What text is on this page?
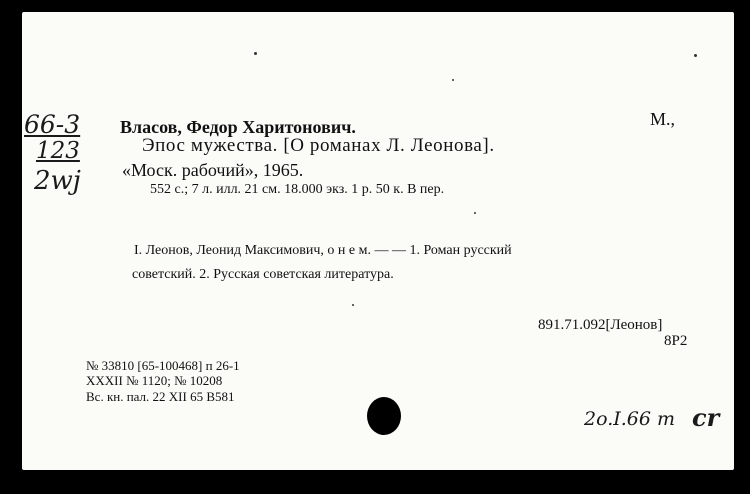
66-3
123
2wj
Власов, Федор Харитонович.	М.,
Эпос мужества. [О романах Л. Леонова].
«Моск. рабочий», 1965.
552 с.; 7 л. илл. 21 см. 18.000 экз. 1 р. 50 к. В пер.
I. Леонов, Леонид Максимович, о н е м. — — 1. Роман русский
советский. 2. Русская советская литература.
891.71.092[Леонов]
8Р2
№ 33810 [65-100468] п 26-1
XXXII № 1120; № 10208
Вс. кн. пал. 22 XII 65 В581
2o.I.66 m cr
